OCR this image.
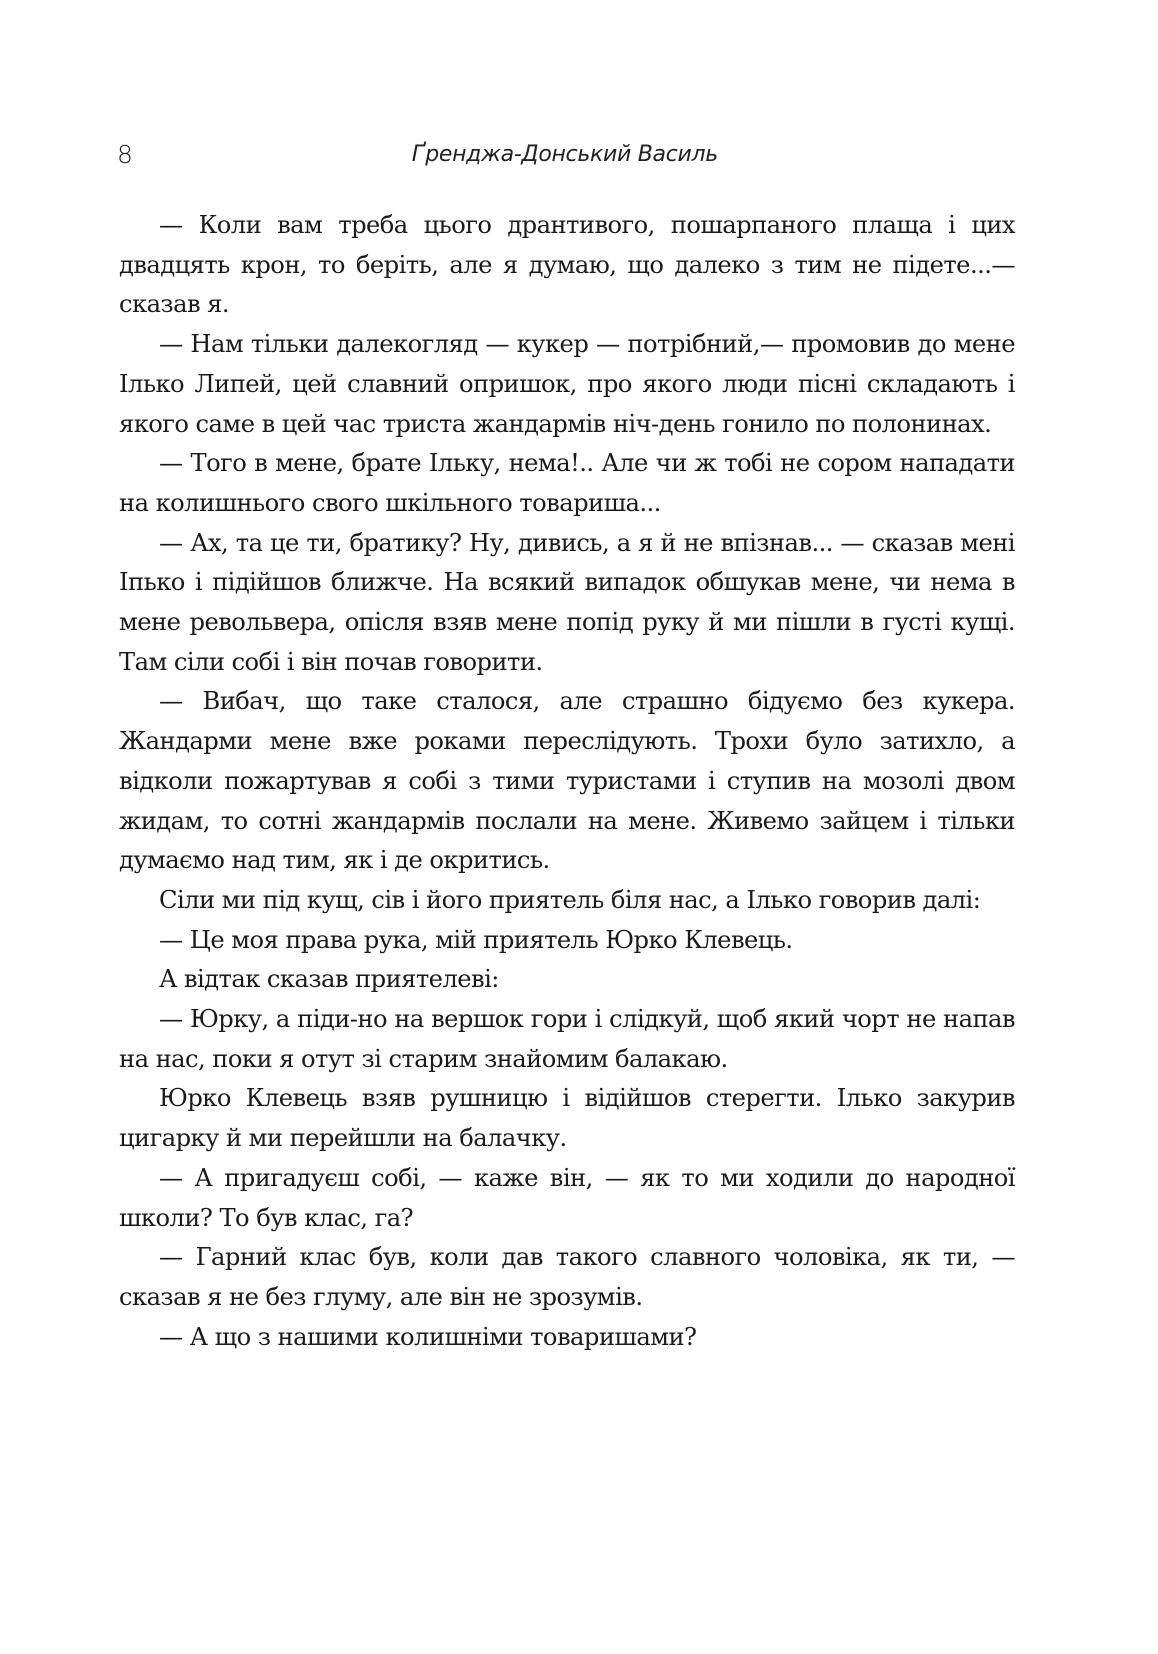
8	Ґренджа-Донський Василь

— Коли вам треба цього дрантивого, пошарпаного плаща і цих двадцять крон, то беріть, але я думаю, що далеко з тим не підете...— сказав я.

— Нам тільки далекогляд — кукер — потрібний,— промовив до мене Ілько Липей, цей славний опришок, про якого люди пісні складають і якого саме в цей час триста жандармів ніч-день гонило по полонинах.

— Того в мене, брате Ільку, нема!.. Але чи ж тобі не сором нападати на колишнього свого шкільного товариша...

— Ах, та це ти, братику? Ну, дивись, а я й не впізнав... — сказав мені Іпько і підійшов ближче. На всякий випадок обшукав мене, чи нема в мене револьвера, опісля взяв мене попід руку й ми пішли в густі кущі. Там сіли собі і він почав говорити.

— Вибач, що таке сталося, але страшно бідуємо без кукера. Жандарми мене вже роками переслідують. Трохи було затихло, а відколи пожартував я собі з тими туристами і ступив на мозолі двом жидам, то сотні жандармів послали на мене. Живемо зайцем і тільки думаємо над тим, як і де окритись.

Сіли ми під кущ, сів і його приятель біля нас, а Ілько говорив далі:

— Це моя права рука, мій приятель Юрко Клевець.

А відтак сказав приятелеві:

— Юрку, а піди-но на вершок гори і слідкуй, щоб який чорт не напав на нас, поки я отут зі старим знайомим балакаю.

Юрко Клевець взяв рушницю і відійшов стерегти. Ілько закурив цигарку й ми перейшли на балачку.

— А пригадуєш собі, — каже він, — як то ми ходили до народної школи? То був клас, га?

— Гарний клас був, коли дав такого славного чоловіка, як ти, — сказав я не без глуму, але він не зрозумів.

— А що з нашими колишніми товаришами?
